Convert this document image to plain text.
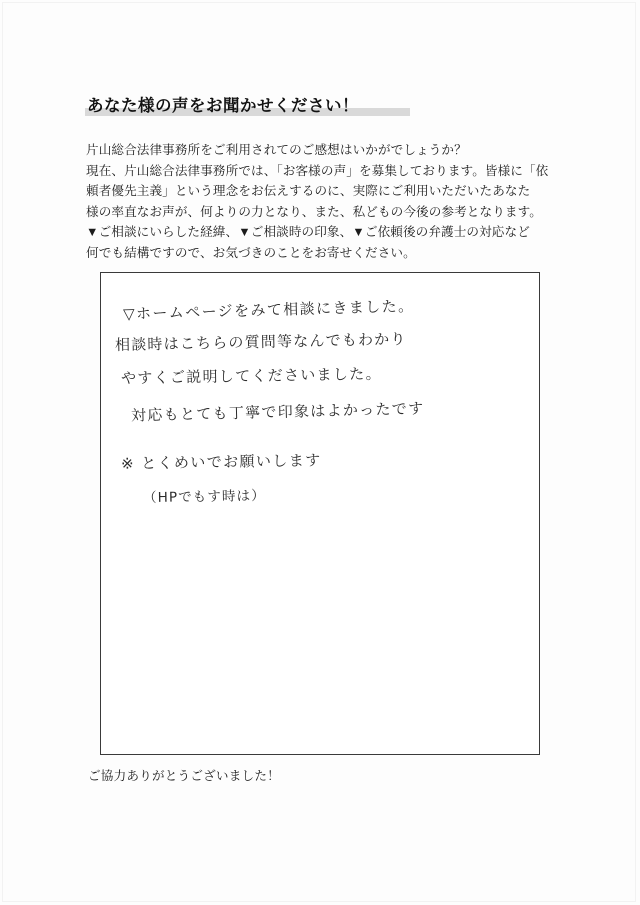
あなた様の声をお聞かせください！

片山総合法律事務所をご利用されてのご感想はいかがでしょうか？

現在、片山総合法律事務所では、「お客様の声」を募集しております。皆様に「依

頼者優先主義」という理念をお伝えするのに、実際にご利用いただいたあなた

様の率直なお声が、何よりの力となり、また、私どもの今後の参考となります。

▼ご相談にいらした経緯、▼ご相談時の印象、▼ご依頼後の弁護士の対応など

何でも結構ですので、お気づきのことをお寄せください。

▽ホームページをみて相談にきました。
相談時はこちらの質問等なんでもわかり
やすくご説明してくださいました。
対応もとても丁寧で印象はよかったです
※ とくめいでお願いします
（HPでもす時は）
ご協力ありがとうございました！
